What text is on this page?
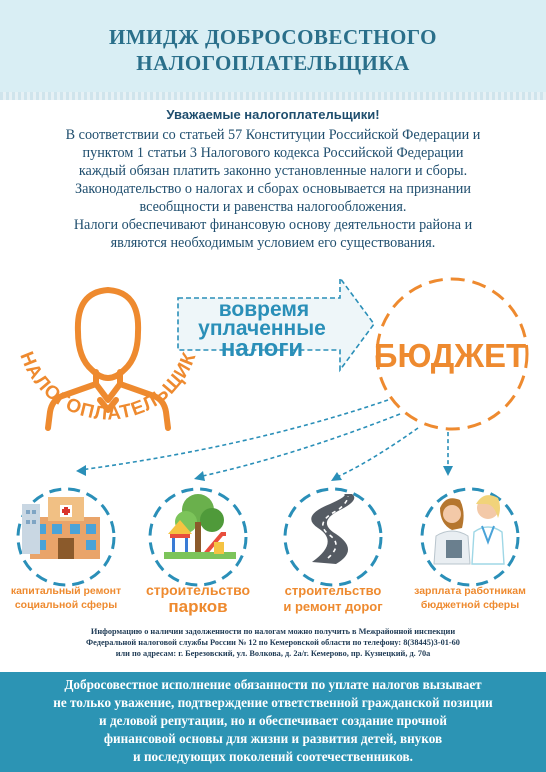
ИМИДЖ ДОБРОСОВЕСТНОГО
НАЛОГОПЛАТЕЛЬЩИКА
Уважаемые налогоплательщики!
В соответствии со статьей 57 Конституции Российской Федерации и
пунктом 1 статьи 3 Налогового кодекса Российской Федерации
каждый обязан платить законно установленные налоги и сборы.
Законодательство о налогах и сборах основывается на признании
всеобщности и равенства налогообложения.
Налоги обеспечивают финансовую основу деятельности района и
являются необходимым условием его существования.
НАЛОГОПЛАТЕЛЬЩИК
вовремя
уплаченные
налоги БЮДЖЕТ
капитальный ремонт
социальной сферы
строительство
парков
строительство
и ремонт дорог
зарплата работникам
бюджетной сферы
Информацию о наличии задолженности по налогам можно получить в Межрайонной инспекции
Федеральной налоговой службы России № 12 по Кемеровской области по телефону: 8(38445)3-01-60
или по адресам: г. Березовский, ул. Волкова, д. 2а/г. Кемерово, пр. Кузнецкий, д. 70а
Добросовестное исполнение обязанности по уплате налогов вызывает
не только уважение, подтверждение ответственной гражданской позиции
и деловой репутации, но и обеспечивает создание прочной
финансовой основы для жизни и развития детей, внуков
и последующих поколений соотечественников.
